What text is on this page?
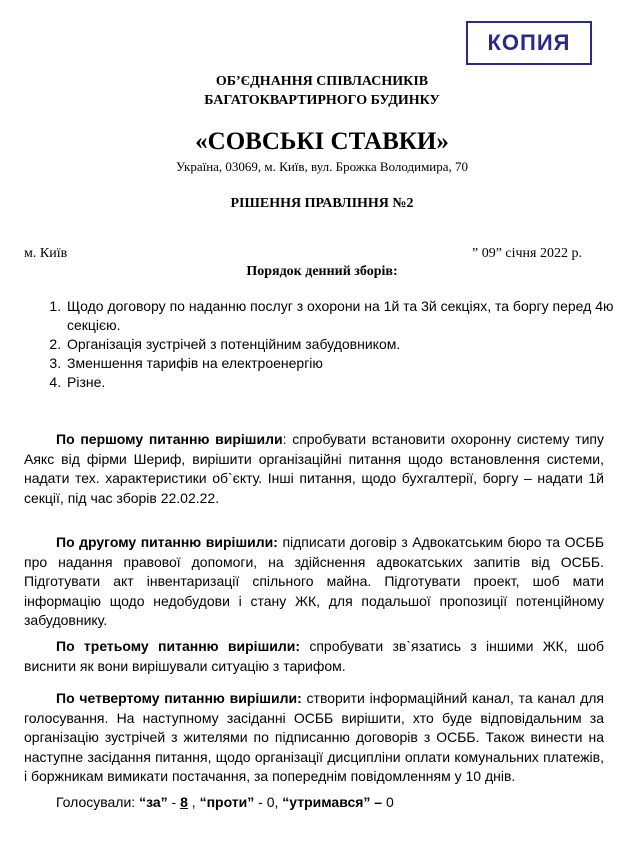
КОПИЯ
ОБ’ЄДНАННЯ СПІВЛАСНИКІВ
БАГАТОКВАРТИРНОГО БУДИНКУ
«СОВСЬКІ СТАВКИ»
Україна, 03069, м. Київ, вул. Брожка Володимира, 70
РІШЕННЯ ПРАВЛІННЯ №2
м. Київ	” 09” січня 2022 р.
Порядок денний зборів:
1. Щодо договору по наданню послуг з охорони на 1й та 3й секціях, та боргу перед 4ю секцією.
2. Організація зустрічей з потенційним забудовником.
3. Зменшення тарифів на електроенергію
4. Різне.

По першому питанню вирішили: спробувати встановити охоронну систему типу Аякс від фірми Шериф, вирішити організаційні питання щодо встановлення системи, надати тех. характеристики об`єкту. Інші питання, щодо бухгалтерії, боргу – надати 1й секції, під час зборів 22.02.22.

По другому питанню вирішили: підписати договір з Адвокатським бюро та ОСББ про надання правової допомоги, на здійснення адвокатських запитів від ОСББ. Підготувати акт інвентаризації спільного майна. Підготувати проект, шоб мати інформацію щодо недобудови і стану ЖК, для подальшої пропозиції потенційному забудовнику.

По третьому питанню вирішили: спробувати зв`язатись з іншими ЖК, шоб виснити як вони вирішували ситуацію з тарифом.

По четвертому питанню вирішили: створити інформаційний канал, та канал для голосування. На наступному засіданні ОСББ вирішити, хто буде відповідальним за організацію зустрічей з жителями по підписанню договорів з ОСББ. Також винести на наступне засідання питання, щодо організації дисципліни оплати комунальних платежів, і боржникам вимикати постачання, за попереднім повідомленням у 10 днів.

Голосували: “за” - 8 , “проти” - 0, “утримався” – 0
